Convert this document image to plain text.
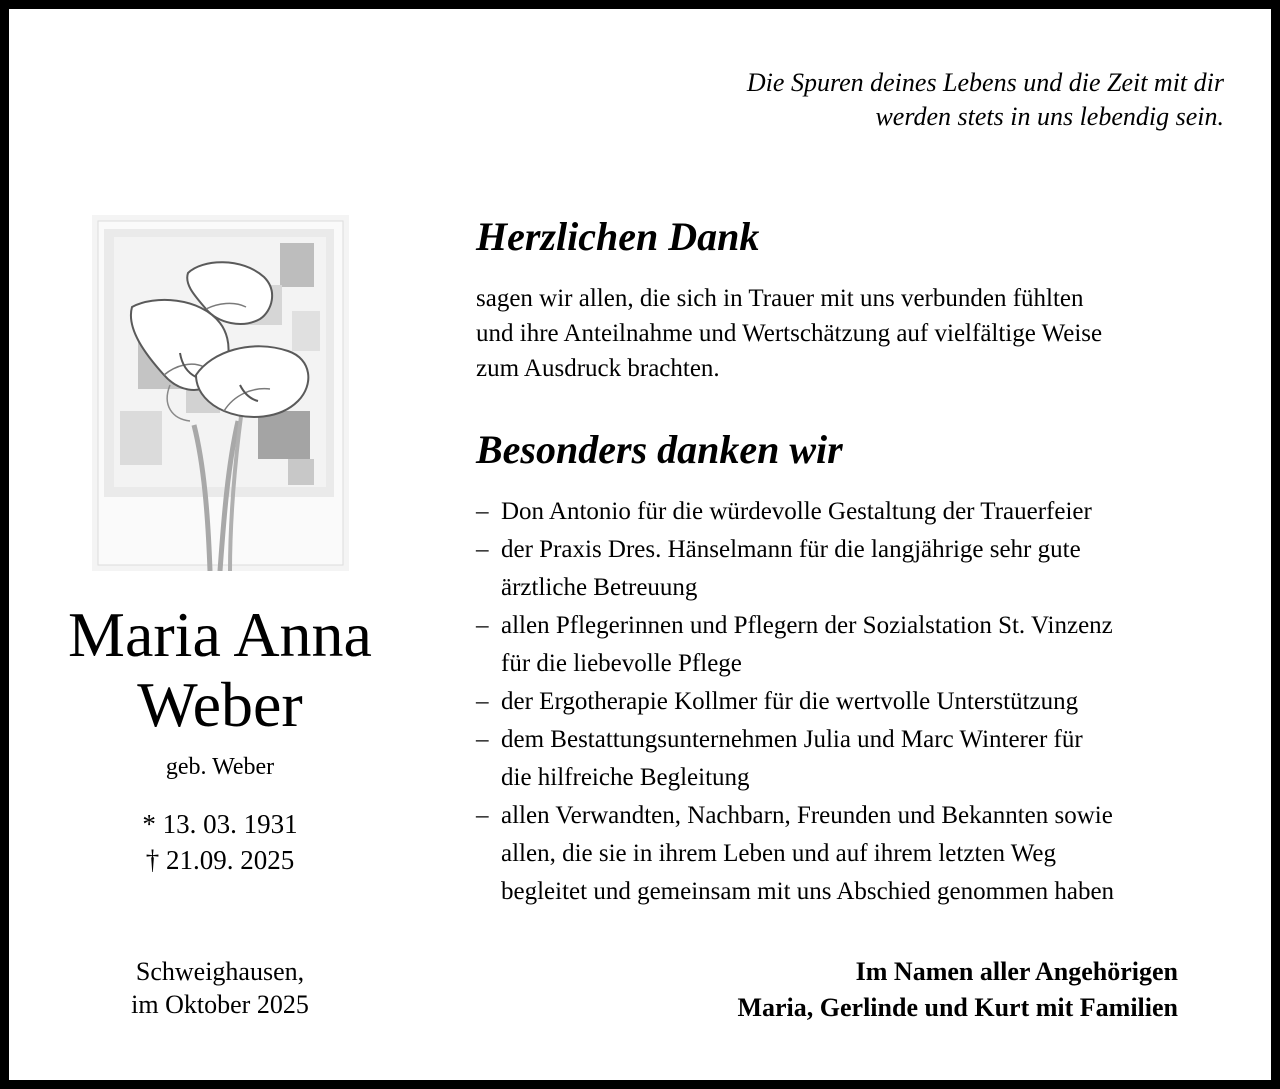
Die Spuren deines Lebens und die Zeit mit dir
werden stets in uns lebendig sein.
Maria Anna
Weber
geb. Weber
* 13. 03. 1931
† 21.09. 2025
Schweighausen,
im Oktober 2025
Herzlichen Dank
sagen wir allen, die sich in Trauer mit uns verbunden fühlten
und ihre Anteilnahme und Wertschätzung auf vielfältige Weise
zum Ausdruck brachten.
Besonders danken wir
– Don Antonio für die würdevolle Gestaltung der Trauerfeier
– der Praxis Dres. Hänselmann für die langjährige sehr gute
ärztliche Betreuung
– allen Pflegerinnen und Pflegern der Sozialstation St. Vinzenz
für die liebevolle Pflege
– der Ergotherapie Kollmer für die wertvolle Unterstützung
– dem Bestattungsunternehmen Julia und Marc Winterer für
die hilfreiche Begleitung
– allen Verwandten, Nachbarn, Freunden und Bekannten sowie
allen, die sie in ihrem Leben und auf ihrem letzten Weg
begleitet und gemeinsam mit uns Abschied genommen haben
Im Namen aller Angehörigen
Maria, Gerlinde und Kurt mit Familien
